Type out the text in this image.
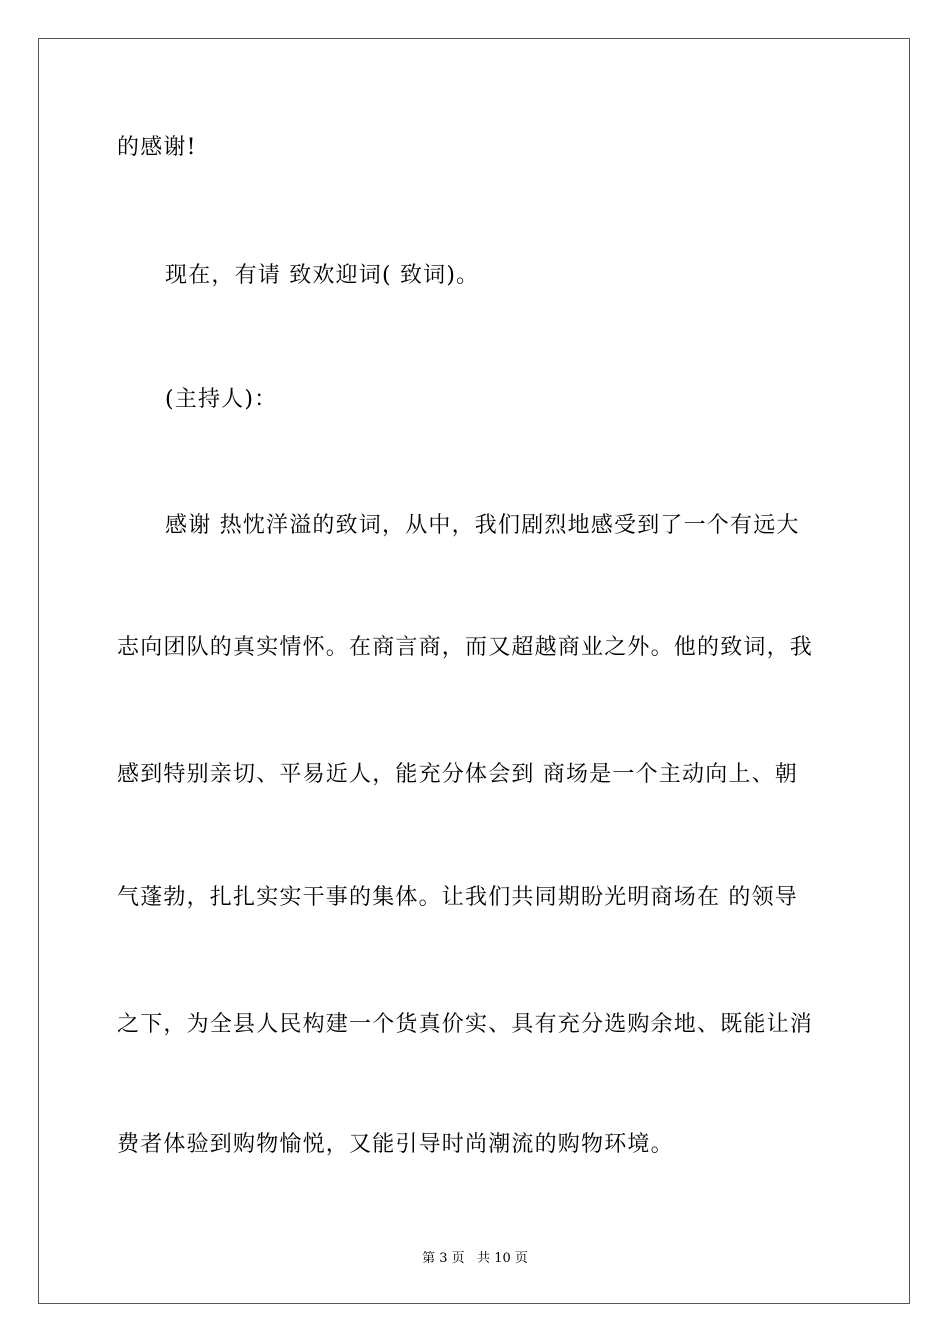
的感谢!
现在，有请 致欢迎词( 致词)。
(主持人)：
感谢 热忱洋溢的致词，从中，我们剧烈地感受到了一个有远大
志向团队的真实情怀。在商言商，而又超越商业之外。他的致词，我
感到特别亲切、平易近人，能充分体会到 商场是一个主动向上、朝
气蓬勃，扎扎实实干事的集体。让我们共同期盼光明商场在 的领导
之下，为全县人民构建一个货真价实、具有充分选购余地、既能让消
费者体验到购物愉悦，又能引导时尚潮流的购物环境。
第 3 页   共 10 页
